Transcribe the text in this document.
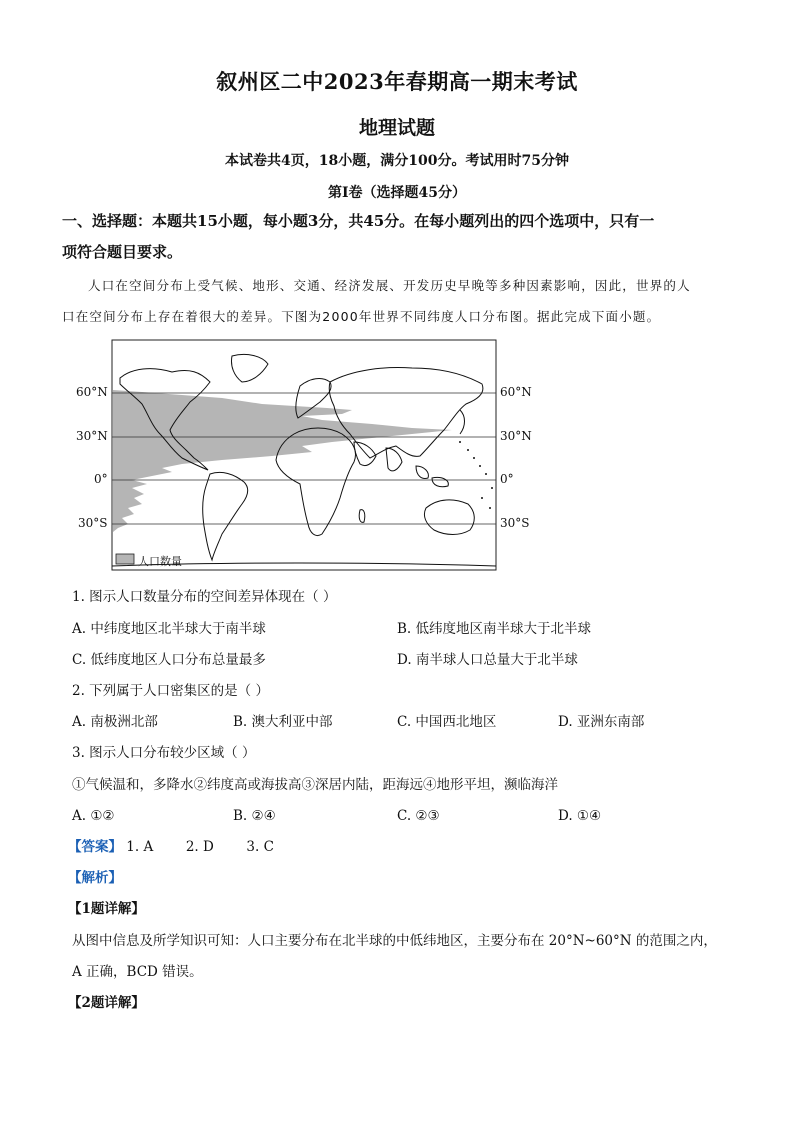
叙州区二中2023年春期高一期末考试
地理试题
本试卷共4页，18小题，满分100分。考试用时75分钟
第I卷（选择题45分）
一、选择题：本题共15小题，每小题3分，共45分。在每小题列出的四个选项中，只有一
项符合题目要求。
人口在空间分布上受气候、地形、交通、经济发展、开发历史早晚等多种因素影响，因此，世界的人
口在空间分布上存在着很大的差异。下图为2000年世界不同纬度人口分布图。据此完成下面小题。
60°N
30°N
0°
30°S
60°N
30°N
0°
30°S
人口数量
1. 图示人口数量分布的空间差异体现在（ ）
A. 中纬度地区北半球大于南半球	B. 低纬度地区南半球大于北半球
C. 低纬度地区人口分布总量最多	D. 南半球人口总量大于北半球
2. 下列属于人口密集区的是（ ）
A. 南极洲北部	B. 澳大利亚中部	C. 中国西北地区	D. 亚洲东南部
3. 图示人口分布较少区域（ ）
①气候温和，多降水②纬度高或海拔高③深居内陆，距海远④地形平坦，濒临海洋
A. ①②	B. ②④	C. ②③	D. ①④
【答案】 1. A 2. D 3. C
【解析】
【1题详解】
从图中信息及所学知识可知：人口主要分布在北半球的中低纬地区，主要分布在 20°N~60°N 的范围之内，
A 正确，BCD 错误。
【2题详解】
